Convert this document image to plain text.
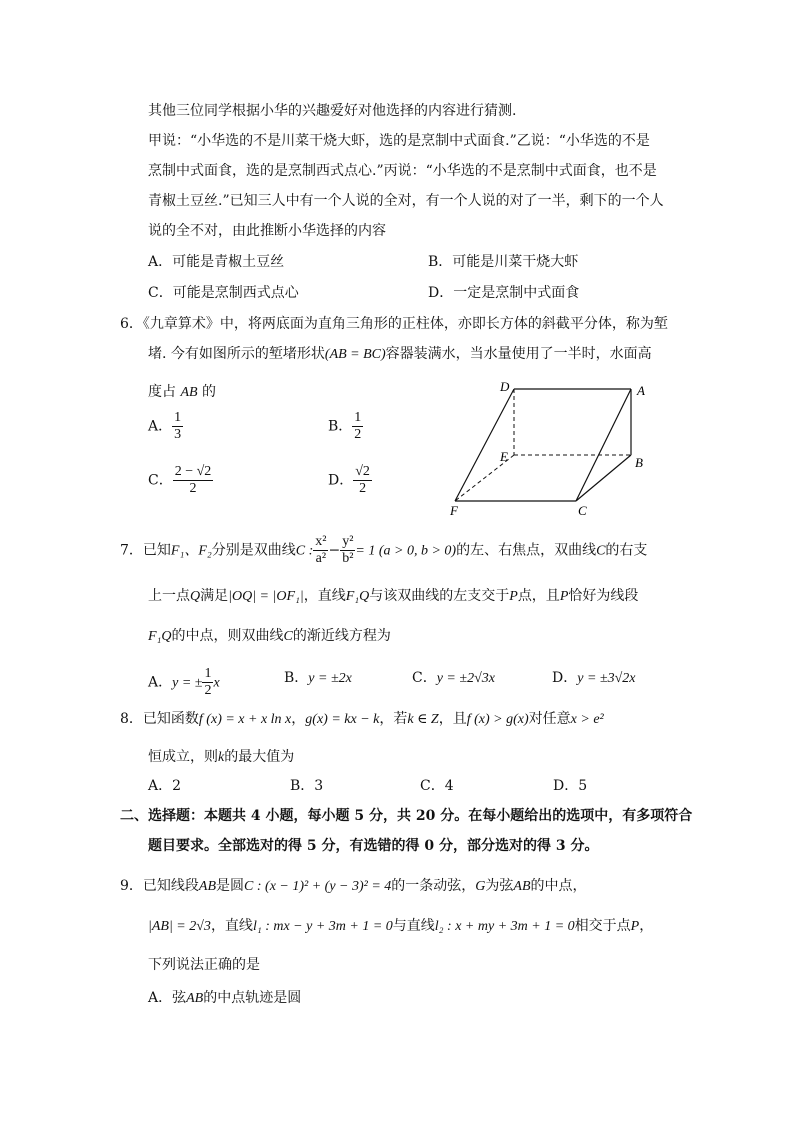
其他三位同学根据小华的兴趣爱好对他选择的内容进行猜测.
甲说：“小华选的不是川菜干烧大虾，选的是烹制中式面食.”乙说：“小华选的不是
烹制中式面食，选的是烹制西式点心.”丙说：“小华选的不是烹制中式面食，也不是
青椒土豆丝.”已知三人中有一个人说的全对，有一个人说的对了一半，剩下的一个人
说的全不对，由此推断小华选择的内容
A．可能是青椒土豆丝	B．可能是川菜干烧大虾
C．可能是烹制西式点心	D．一定是烹制中式面食
6．《九章算术》中，将两底面为直角三角形的正柱体，亦即长方体的斜截平分体，称为堑
堵. 今有如图所示的堑堵形状(AB = BC)容器装满水，当水量使用了一半时，水面高
度占 AB 的
A． $\frac{1}{3}$	B． $\frac{1}{2}$
C． $\frac{2 - √2}{2}$	D． $\frac{√2}{2}$
D	A
E	B
F	C
7．已知F₁、F₂分别是双曲线C : $\frac{\text{x²}}{\text{a²}} - \frac{\text{y²}}{\text{b²}} = 1$ (a > 0, b > 0)的左、右焦点，双曲线C的右支
上一点Q满足|OQ| = |OF₁|，直线F₁Q与该双曲线的左支交于P点，且P恰好为线段
F₁Q的中点，则双曲线C的渐近线方程为
A．y = ± $\frac{1}{2}$ x	B．y = ±2x	C．y = ±2√3x	D．y = ±3√2x
8．已知函数f (x) = x + x ln x，g(x) = kx − k，若k ∈ Z，且f (x) > g(x)对任意x > e²
恒成立，则k的最大值为
A．2	B．3	C．4	D．5
二、选择题：本题共 4 小题，每小题 5 分，共 20 分。在每小题给出的选项中，有多项符合
题目要求。全部选对的得 5 分，有选错的得 0 分，部分选对的得 3 分。
9．已知线段AB是圆C : (x − 1)² + (y − 3)² = 4的一条动弦，G为弦AB的中点，
|AB| = 2√3，直线l₁ : mx − y + 3m + 1 = 0与直线l₂ : x + my + 3m + 1 = 0相交于点P，
下列说法正确的是
A．弦AB的中点轨迹是圆
